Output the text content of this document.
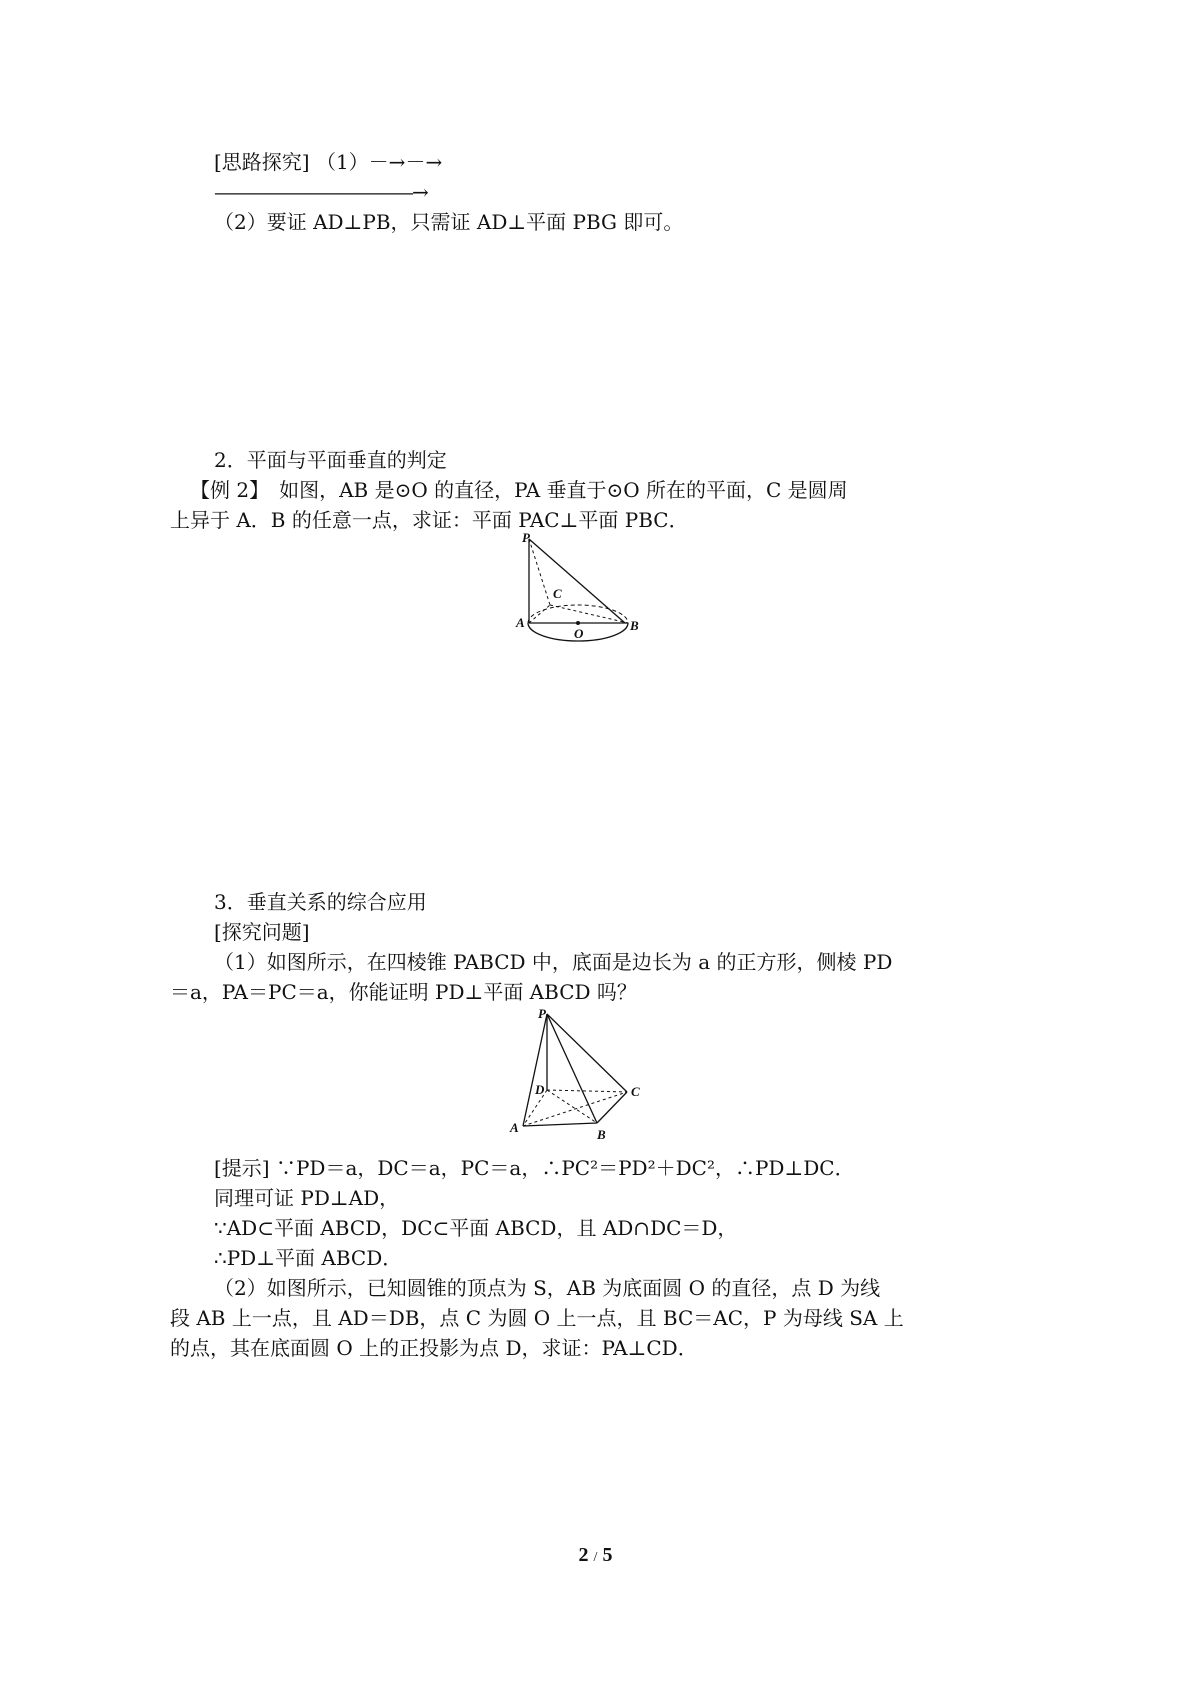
[思路探究] （1）－→－→
———————————→
（2）要证 AD⊥PB，只需证 AD⊥平面 PBG 即可。
2．平面与平面垂直的判定
【例 2】　如图，AB 是⊙O 的直径，PA 垂直于⊙O 所在的平面，C 是圆周
上异于 A．B 的任意一点，求证：平面 PAC⊥平面 PBC．
P
C
A
O
B
3．垂直关系的综合应用
[探究问题]
（1）如图所示，在四棱锥 PABCD 中，底面是边长为 a 的正方形，侧棱 PD
＝a，PA＝PC＝a，你能证明 PD⊥平面 ABCD 吗？
P
D	C
A	B
[提示] ∵PD＝a，DC＝a，PC＝a，∴PC²＝PD²＋DC²，∴PD⊥DC．
同理可证 PD⊥AD，
∵AD⊂平面 ABCD，DC⊂平面 ABCD，且 AD∩DC＝D，
∴PD⊥平面 ABCD．
（2）如图所示，已知圆锥的顶点为 S，AB 为底面圆 O 的直径，点 D 为线
段 AB 上一点，且 AD＝DB，点 C 为圆 O 上一点，且 BC＝AC，P 为母线 SA 上
的点，其在底面圆 O 上的正投影为点 D，求证：PA⊥CD．
2 / 5
